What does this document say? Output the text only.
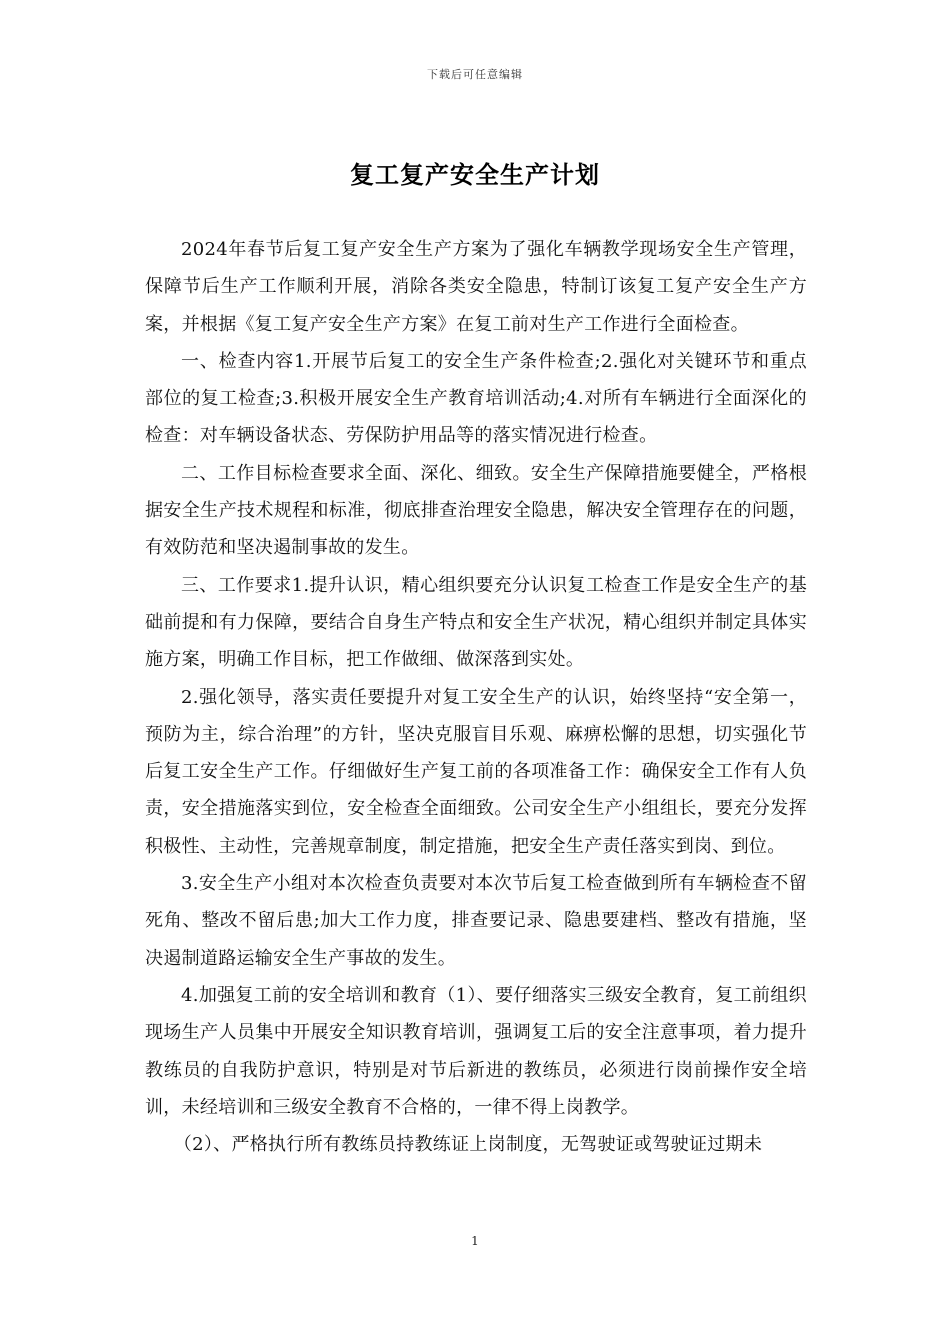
下载后可任意编辑
复工复产安全生产计划

2024年春节后复工复产安全生产方案为了强化车辆教学现场安全生产管理，保障节后生产工作顺利开展，消除各类安全隐患，特制订该复工复产安全生产方案，并根据《复工复产安全生产方案》在复工前对生产工作进行全面检查。

一、检查内容1.开展节后复工的安全生产条件检查;2.强化对关键环节和重点部位的复工检查;3.积极开展安全生产教育培训活动;4.对所有车辆进行全面深化的检查：对车辆设备状态、劳保防护用品等的落实情况进行检查。

二、工作目标检查要求全面、深化、细致。安全生产保障措施要健全，严格根据安全生产技术规程和标准，彻底排查治理安全隐患，解决安全管理存在的问题，有效防范和坚决遏制事故的发生。

三、工作要求1.提升认识，精心组织要充分认识复工检查工作是安全生产的基础前提和有力保障，要结合自身生产特点和安全生产状况，精心组织并制定具体实施方案，明确工作目标，把工作做细、做深落到实处。

2.强化领导，落实责任要提升对复工安全生产的认识，始终坚持“安全第一，预防为主，综合治理”的方针，坚决克服盲目乐观、麻痹松懈的思想，切实强化节后复工安全生产工作。仔细做好生产复工前的各项准备工作：确保安全工作有人负责，安全措施落实到位，安全检查全面细致。公司安全生产小组组长，要充分发挥积极性、主动性，完善规章制度，制定措施，把安全生产责任落实到岗、到位。

3.安全生产小组对本次检查负责要对本次节后复工检查做到所有车辆检查不留死角、整改不留后患;加大工作力度，排查要记录、隐患要建档、整改有措施，坚决遏制道路运输安全生产事故的发生。

4.加强复工前的安全培训和教育（1）、要仔细落实三级安全教育，复工前组织现场生产人员集中开展安全知识教育培训，强调复工后的安全注意事项，着力提升教练员的自我防护意识，特别是对节后新进的教练员，必须进行岗前操作安全培训，未经培训和三级安全教育不合格的，一律不得上岗教学。

（2）、严格执行所有教练员持教练证上岗制度，无驾驶证或驾驶证过期未

1
